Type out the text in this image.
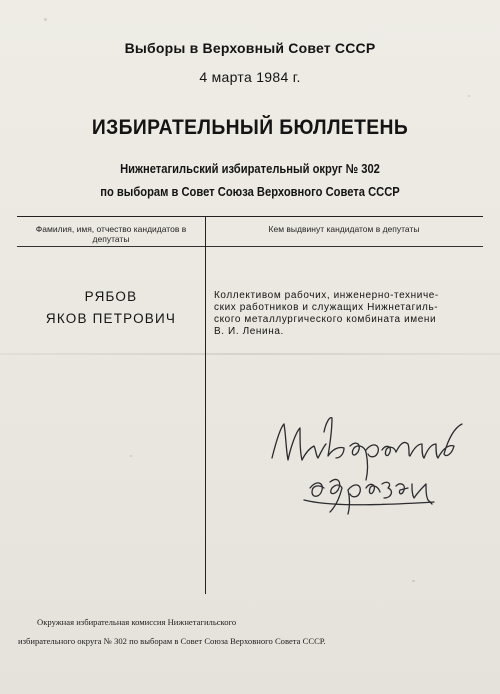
Выборы в Верховный Совет СССР
4 марта 1984 г.
ИЗБИРАТЕЛЬНЫЙ БЮЛЛЕТЕНЬ
Нижнетагильский избирательный округ № 302
по выборам в Совет Союза Верховного Совета СССР
Фамилия, имя, отчество кандидатов в депутаты
Кем выдвинут кандидатом в депутаты
РЯБОВ
ЯКОВ ПЕТРОВИЧ
Коллективом рабочих, инженерно-техниче-
ских работников и служащих Нижнетагиль-
ского металлургического комбината имени
В. И. Ленина.
Окружная избирательная комиссия Нижнетагильского
избирательного округа № 302 по выборам в Совет Союза Верховного Совета СССР.
